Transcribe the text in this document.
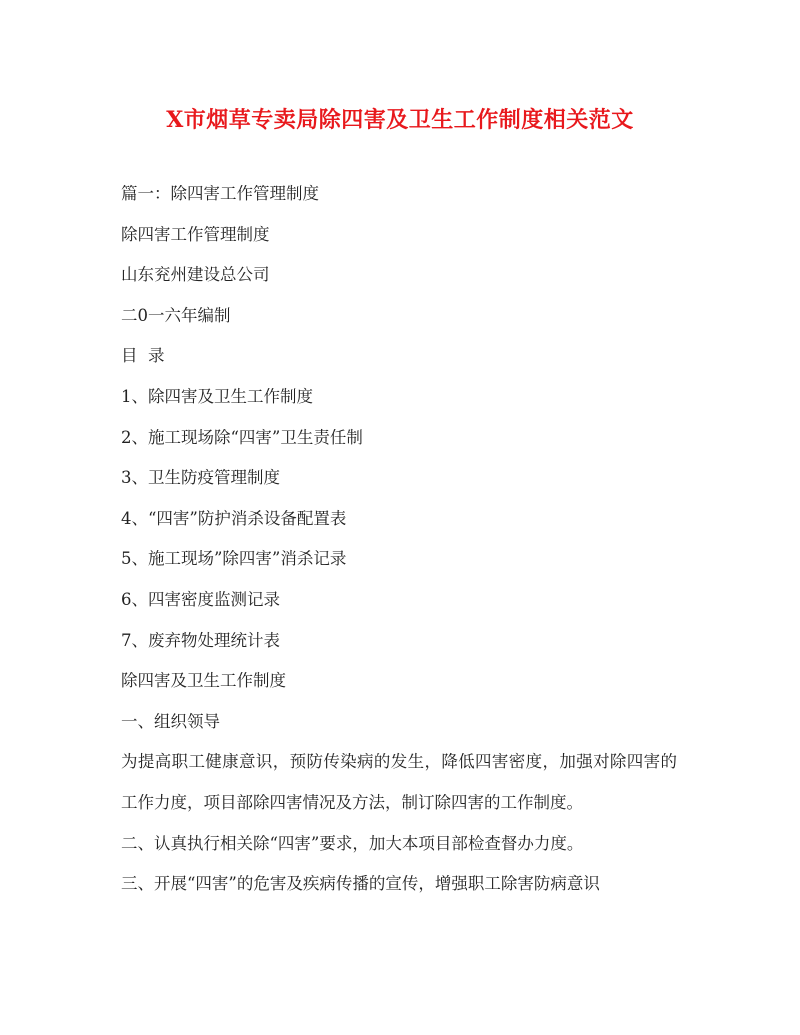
X市烟草专卖局除四害及卫生工作制度相关范文
篇一：除四害工作管理制度
除四害工作管理制度
山东兖州建设总公司
二0一六年编制
目  录
1、除四害及卫生工作制度
2、施工现场除“四害”卫生责任制
3、卫生防疫管理制度
4、“四害”防护消杀设备配置表
5、施工现场”除四害”消杀记录
6、四害密度监测记录
7、废弃物处理统计表
除四害及卫生工作制度
一、组织领导
为提高职工健康意识，预防传染病的发生，降低四害密度，加强对除四害的工作力度，项目部除四害情况及方法，制订除四害的工作制度。
二、认真执行相关除“四害”要求，加大本项目部检查督办力度。
三、开展“四害”的危害及疾病传播的宣传，增强职工除害防病意识
